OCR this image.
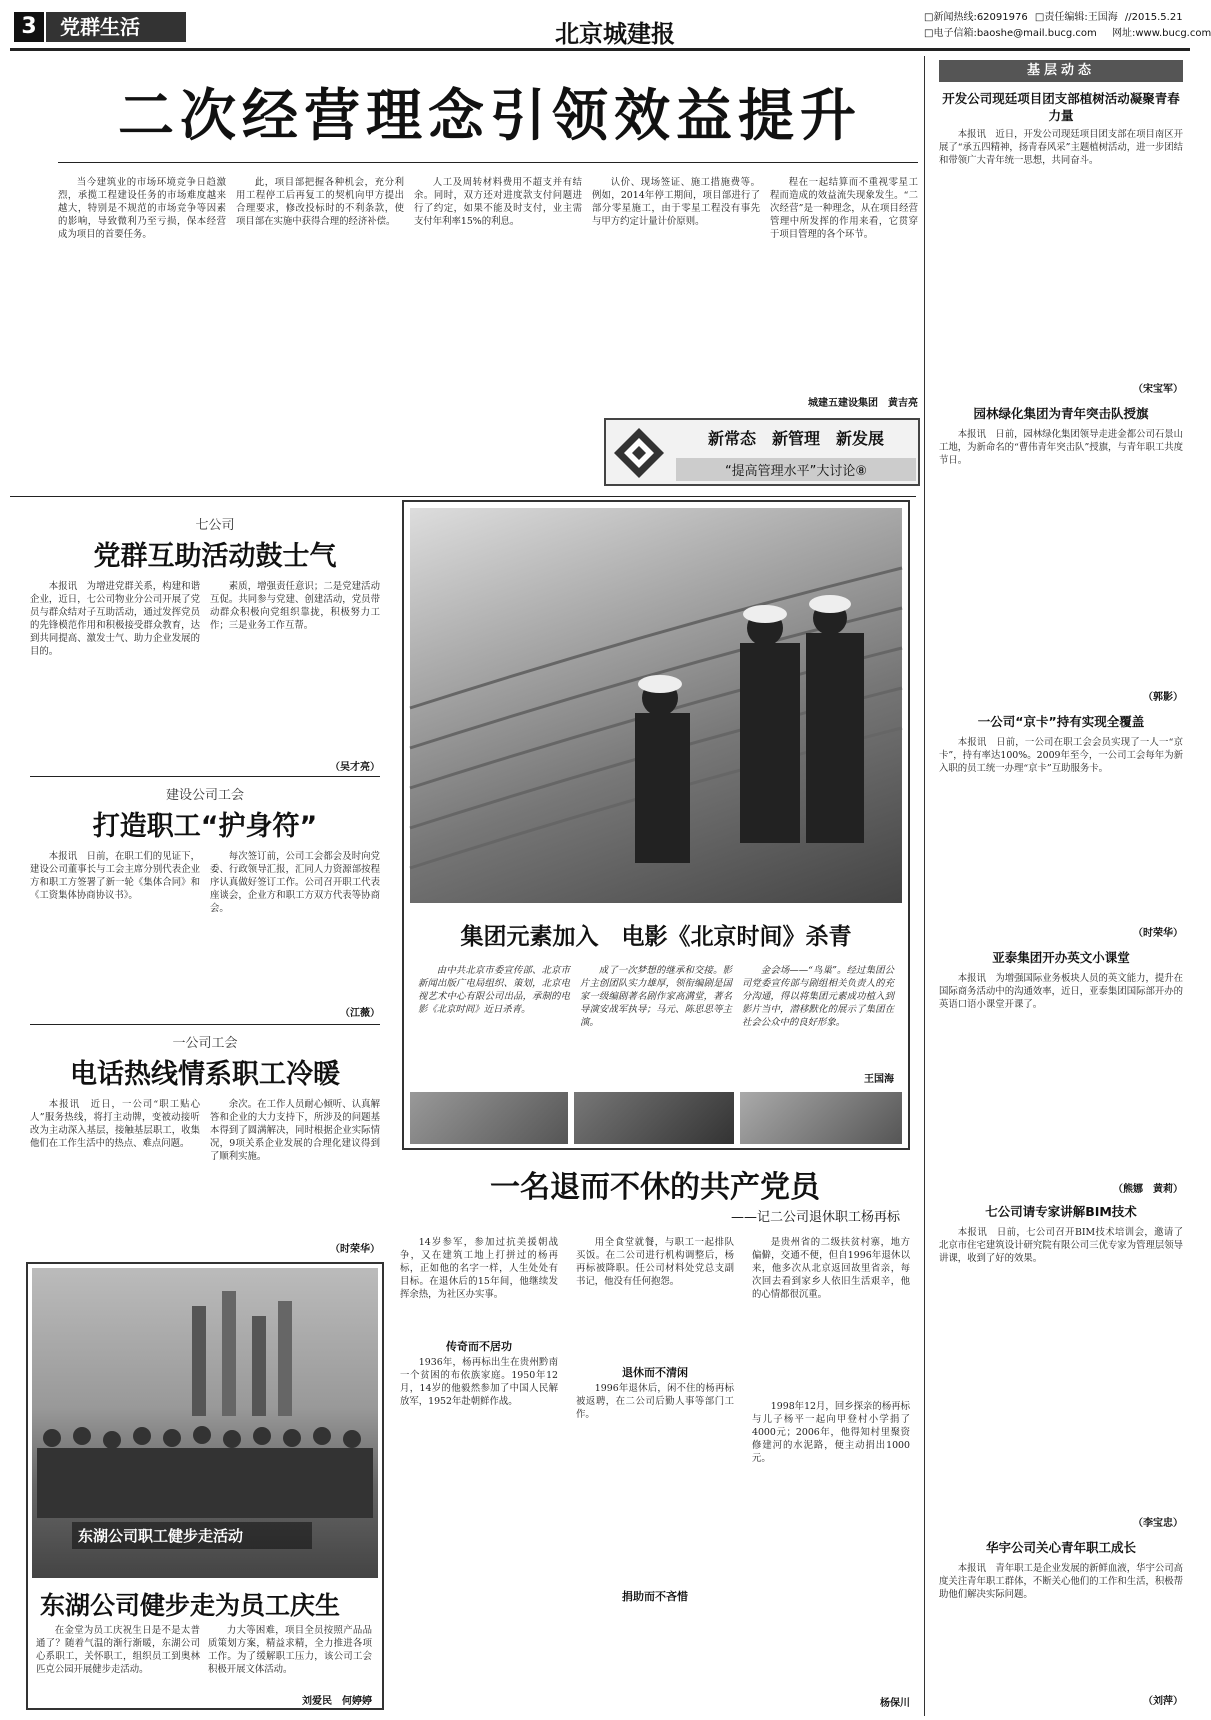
3	党群生活	北京城建报
□新闻热线:62091976 □责任编辑:王国海 //2015.5.21
□电子信箱:baoshe@mail.bucg.com 网址:www.bucg.com
二次经营理念引领效益提升
当今建筑业的市场环境竞争日趋激烈，承揽工程建设任务的市场难度越来越大，特别是不规范的市场竞争等因素的影响，导致微利乃至亏损，保本经营成为项目的首要任务。
此，项目部把握各种机会，充分利用工程停工后再复工的契机向甲方提出合理要求，修改投标时的不利条款，使项目部在实施中获得合理的经济补偿。
人工及周转材料费用不超支并有结余。同时，双方还对进度款支付问题进行了约定，如果不能及时支付，业主需支付年利率15%的利息。
认价、现场签证、施工措施费等。例如，2014年停工期间，项目部进行了部分零星施工，由于零星工程没有事先与甲方约定计量计价原则。
程在一起结算而不重视零星工程而造成的效益流失现象发生。“二次经营”是一种理念，从在项目经营管理中所发挥的作用来看，它贯穿于项目管理的各个环节。
城建五建设集团　黄吉亮
新常态　新管理　新发展
“提高管理水平”大讨论⑧
七公司
党群互助活动鼓士气
本报讯　为增进党群关系，构建和谐企业，近日，七公司物业分公司开展了党员与群众结对子互助活动，通过发挥党员的先锋模范作用和积极接受群众教育，达到共同提高、激发士气、助力企业发展的目的。
素质，增强责任意识；二是党建活动互促。共同参与党建、创建活动，党员带动群众积极向党组织靠拢，积极努力工作；三是业务工作互帮。
（吴才亮）
建设公司工会
打造职工“护身符”
本报讯　日前，在职工们的见证下，建设公司董事长与工会主席分别代表企业方和职工方签署了新一轮《集体合同》和《工资集体协商协议书》。
每次签订前，公司工会都会及时向党委、行政领导汇报，汇同人力资源部按程序认真做好签订工作。公司召开职工代表座谈会，企业方和职工方双方代表等协商会。
（江薇）
一公司工会
电话热线情系职工冷暖
本报讯　近日，一公司“职工贴心人”服务热线，将打主动牌，变被动接听改为主动深入基层，接触基层职工，收集他们在工作生活中的热点、难点问题。
余次。在工作人员耐心倾听、认真解答和企业的大力支持下，所涉及的问题基本得到了圆满解决，同时根据企业实际情况，9项关系企业发展的合理化建议得到了顺利实施。
（时荣华）
东湖公司职工健步走活动
东湖公司健步走为员工庆生
在金堂为员工庆祝生日是不是太普通了？随着气温的渐行渐暖，东湖公司心系职工，关怀职工，组织员工到奥林匹克公园开展健步走活动。
力大等困难，项目全员按照产品品质策划方案，精益求精，全力推进各项工作。为了缓解职工压力，该公司工会积极开展文体活动。
刘爱民　何婷婷
集团元素加入　电影《北京时间》杀青
由中共北京市委宣传部、北京市新闻出版广电局组织、策划，北京电视艺术中心有限公司出品，承制的电影《北京时间》近日杀青。
成了一次梦想的继承和交接。影片主创团队实力雄厚，领衔编剧是国家一级编剧著名剧作家高满堂，著名导演安战军执导；马元、陈思思等主演。
金会场——“鸟巢”。经过集团公司党委宣传部与剧组相关负责人的充分沟通，得以将集团元素成功植入到影片当中，潜移默化的展示了集团在社会公众中的良好形象。
王国海
一名退而不休的共产党员
——记二公司退休职工杨再标
14岁参军，参加过抗美援朝战争，又在建筑工地上打拼过的杨再标，正如他的名字一样，人生处处有目标。在退休后的15年间，他继续发挥余热，为社区办实事。
传奇而不居功
1936年，杨再标出生在贵州黔南一个贫困的布依族家庭。1950年12月，14岁的他毅然参加了中国人民解放军，1952年赴朝鲜作战。
用全食堂就餐，与职工一起排队买饭。在二公司进行机构调整后，杨再标被降职。任公司材料处党总支副书记，他没有任何抱怨。
退休而不清闲
1996年退休后，闲不住的杨再标被返聘，在二公司后勤人事等部门工作。
捐助而不吝惜
是贵州省的二级扶贫村寨，地方偏僻，交通不便，但自1996年退休以来，他多次从北京返回故里省亲，每次回去看到家乡人依旧生活艰辛，他的心情都很沉重。
1998年12月，回乡探亲的杨再标与儿子杨平一起向甲登村小学捐了4000元；2006年，他得知村里聚资修建河的水泥路，便主动捐出1000元。
杨保川
基层动态
开发公司现廷项目团支部植树活动凝聚青春力量
本报讯　近日，开发公司现廷项目团支部在项目南区开展了“承五四精神，扬青春风采”主题植树活动，进一步团结和带领广大青年统一思想，共同奋斗。
（宋宝军）
园林绿化集团为青年突击队授旗
本报讯　日前，园林绿化集团领导走进金都公司石景山工地，为新命名的“曹伟青年突击队”授旗，与青年职工共度节日。
（郭影）
一公司“京卡”持有实现全覆盖
本报讯　日前，一公司在职工会会员实现了一人一“京卡”，持有率达100%。2009年至今，一公司工会每年为新入职的员工统一办理“京卡”互助服务卡。
（时荣华）
亚泰集团开办英文小课堂
本报讯　为增强国际业务板块人员的英文能力，提升在国际商务活动中的沟通效率，近日，亚泰集团国际部开办的英语口语小课堂开课了。
（熊娜　黄莉）
七公司请专家讲解BIM技术
本报讯　日前，七公司召开BIM技术培训会，邀请了北京市住宅建筑设计研究院有限公司三优专家为管理层领导讲课，收到了好的效果。
（李宝忠）
华宇公司关心青年职工成长
本报讯　青年职工是企业发展的新鲜血液，华宇公司高度关注青年职工群体，不断关心他们的工作和生活，积极帮助他们解决实际问题。
（刘萍）
